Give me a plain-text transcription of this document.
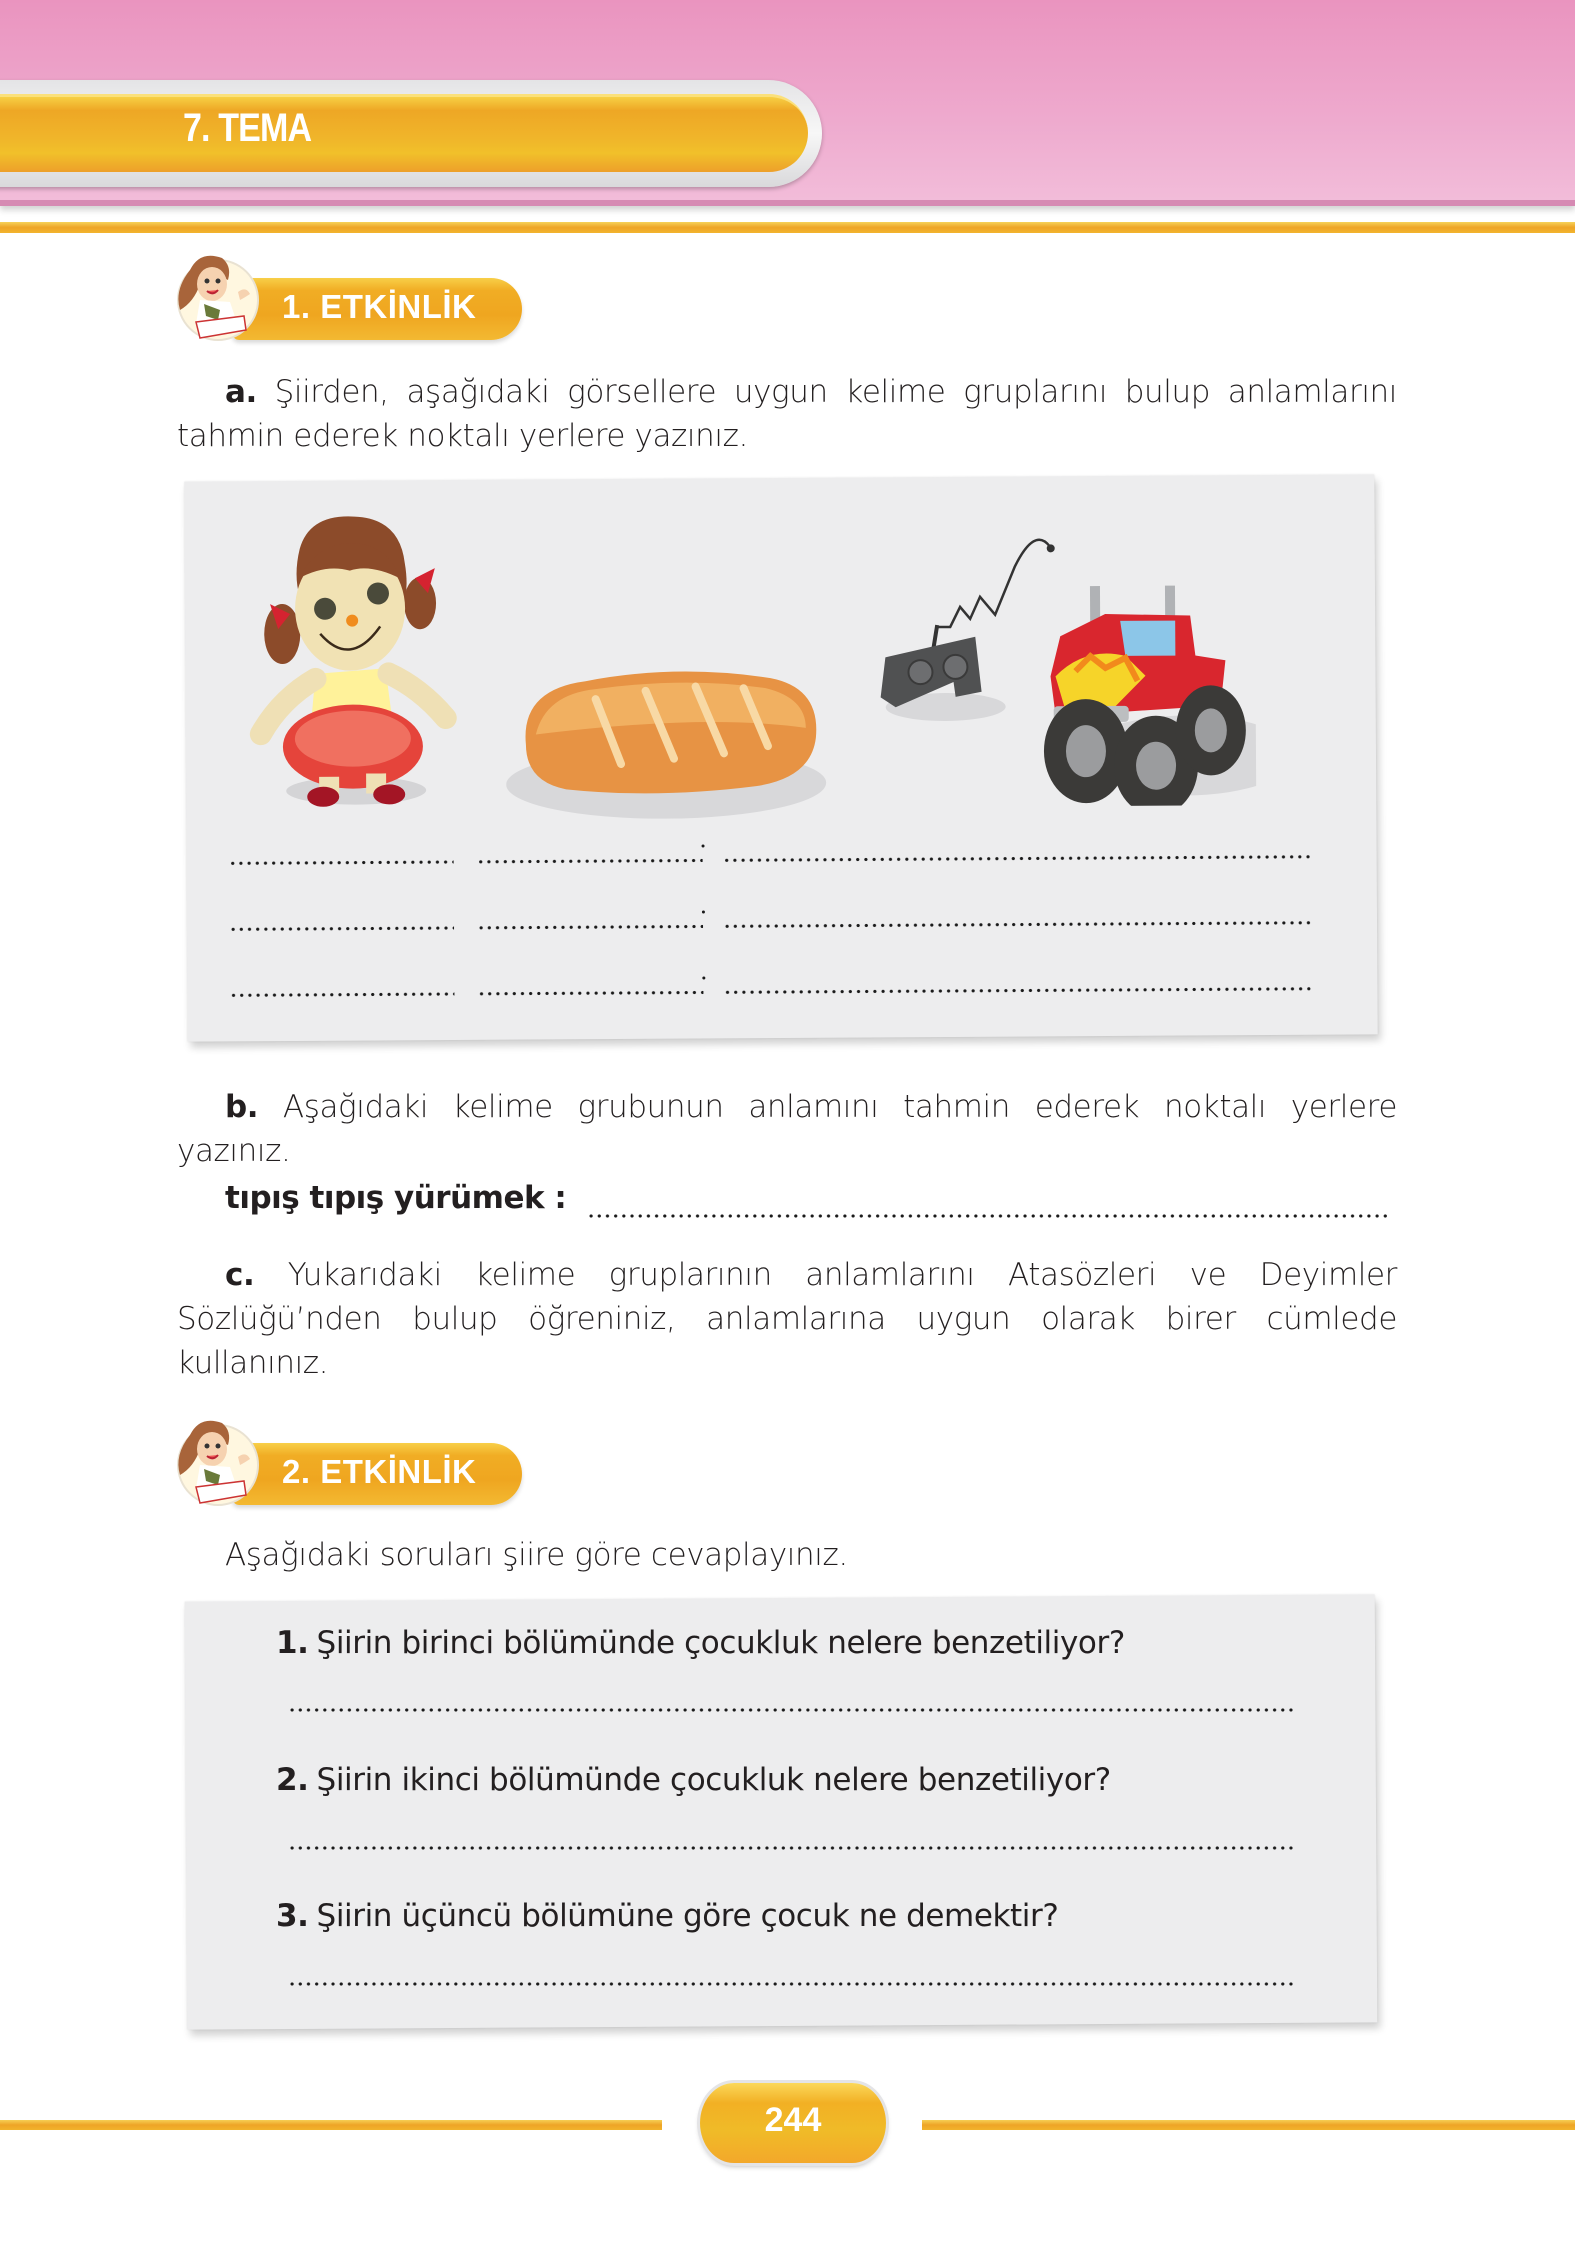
7. TEMA
1. ETKİNLİK
a. Şiirden, aşağıdaki görsellere uygun kelime gruplarını bulup anlamlarını tahmin ederek noktalı yerlere yazınız.
b. Aşağıdaki kelime grubunun anlamını tahmin ederek noktalı yerlere yazınız.
tıpış tıpış yürümek :
c. Yukarıdaki kelime gruplarının anlamlarını Atasözleri ve Deyimler Sözlüğü’nden bulup öğreniniz, anlamlarına uygun olarak birer cümlede kullanınız.
2. ETKİNLİK
Aşağıdaki soruları şiire göre cevaplayınız.
1. Şiirin birinci bölümünde çocukluk nelere benzetiliyor?
2. Şiirin ikinci bölümünde çocukluk nelere benzetiliyor?
3. Şiirin üçüncü bölümüne göre çocuk ne demektir?
244
